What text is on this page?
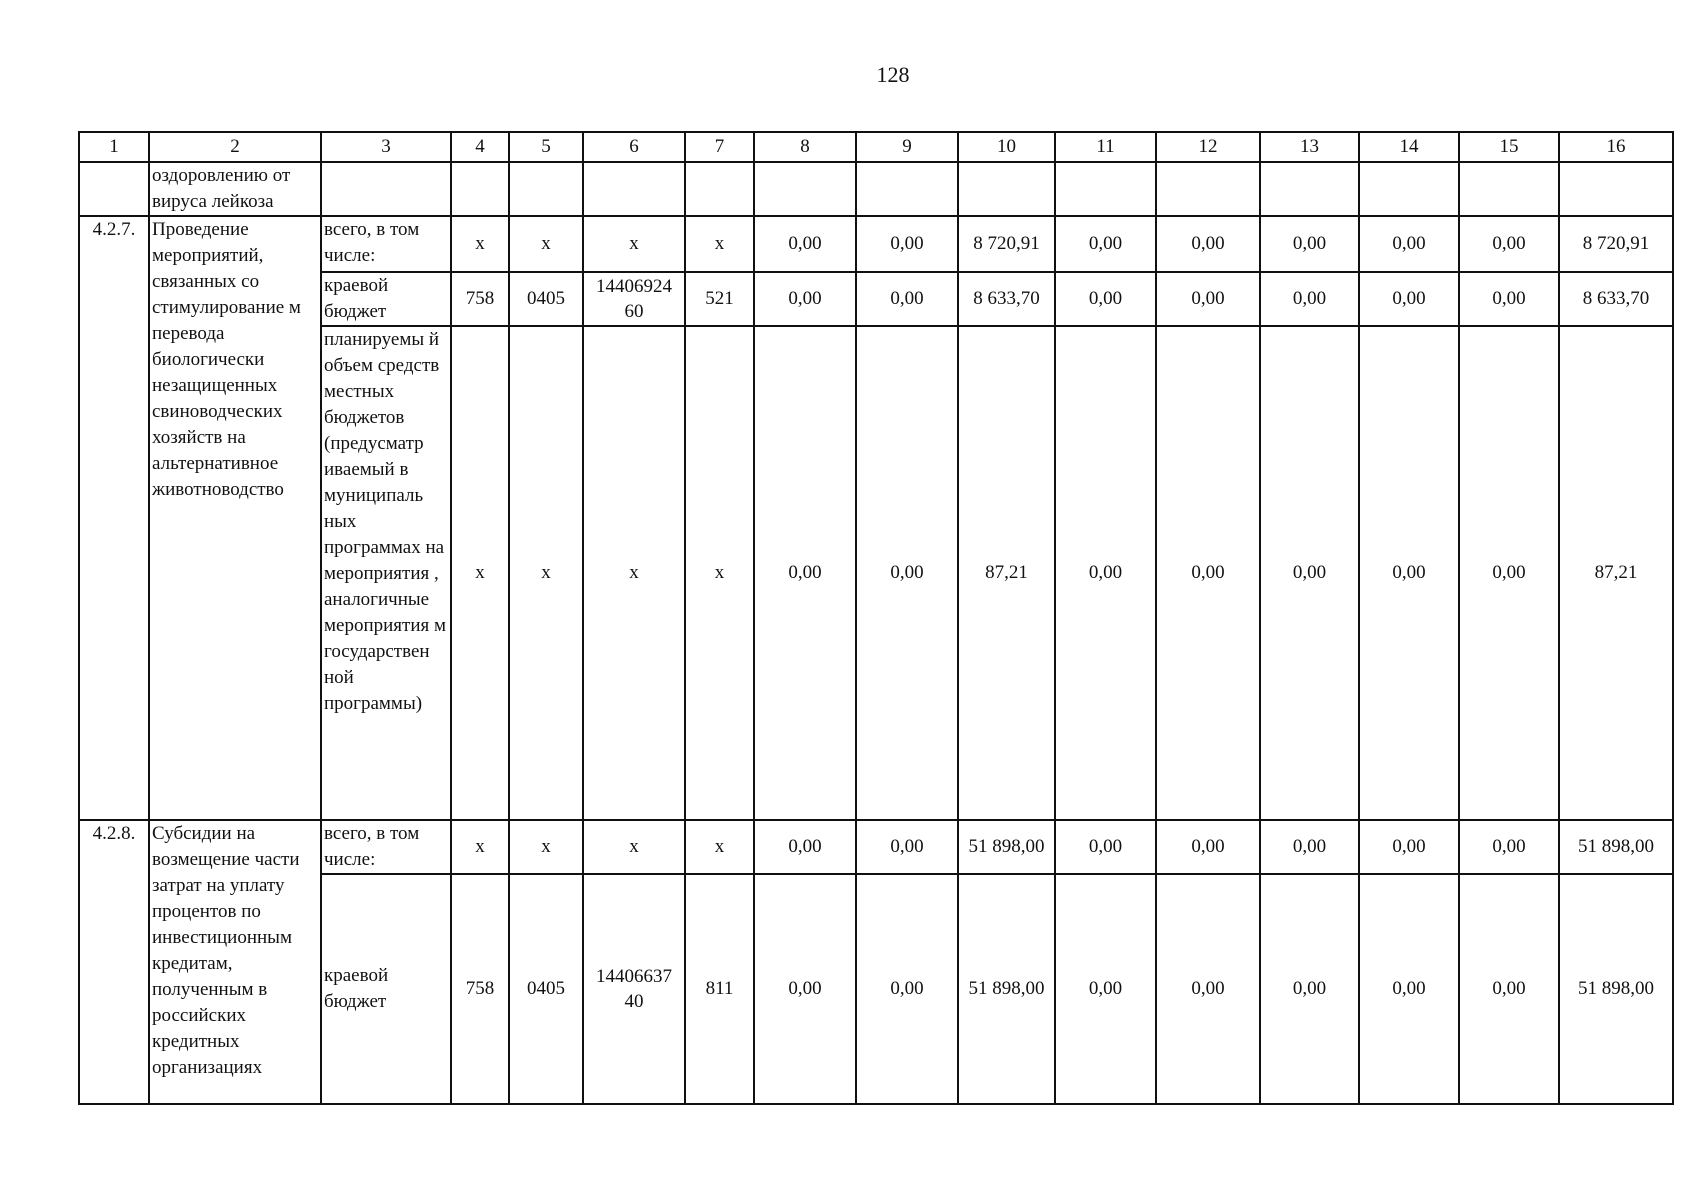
128
1	2	3	4	5	6	7	8	9	10	11	12	13	14	15	16
	оздоровлению от вируса лейкоза														
4.2.7.	Проведение мероприятий, связанных со стимулирование м перевода биологически незащищенных свиноводческих хозяйств на альтернативное животноводство	всего, в том числе:	x	x	x	x	0,00	0,00	8 720,91	0,00	0,00	0,00	0,00	0,00	8 720,91
		краевой бюджет	758	0405	14406924 60	521	0,00	0,00	8 633,70	0,00	0,00	0,00	0,00	0,00	8 633,70
		планируемы й объем средств местных бюджетов (предусматр иваемый в муниципаль ных программах на мероприятия , аналогичные мероприятия м государствен ной программы)	x	x	x	x	0,00	0,00	87,21	0,00	0,00	0,00	0,00	0,00	87,21
4.2.8.	Субсидии на возмещение части затрат на уплату процентов по инвестиционным кредитам, полученным в российских кредитных организациях	всего, в том числе:	x	x	x	x	0,00	0,00	51 898,00	0,00	0,00	0,00	0,00	0,00	51 898,00
		краевой бюджет	758	0405	14406637 40	811	0,00	0,00	51 898,00	0,00	0,00	0,00	0,00	0,00	51 898,00
